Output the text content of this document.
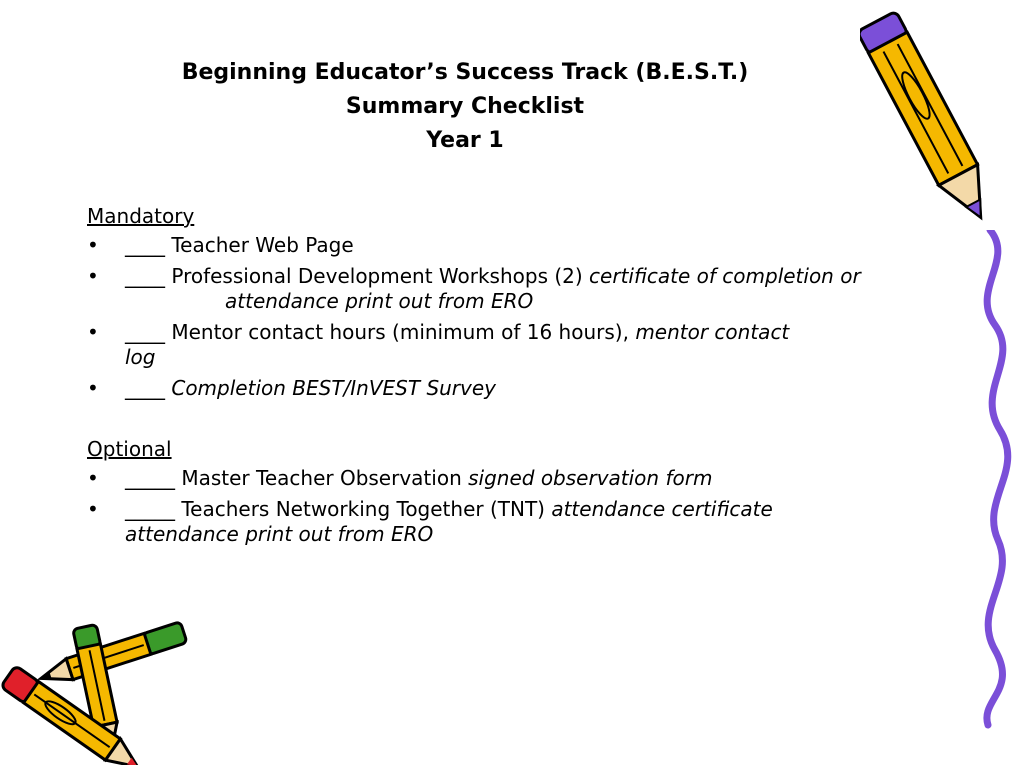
Beginning Educator’s Success Track (B.E.S.T.)
Summary Checklist
Year 1
Mandatory
• ____ Teacher Web Page
• ____ Professional Development Workshops (2) certificate of completion orattendance print out from ERO
• ____ Mentor contact hours (minimum of 16 hours), mentor contactlog
• ____ Completion BEST/InVEST Survey
Optional
• _____ Master Teacher Observation signed observation form
• _____ Teachers Networking Together (TNT) attendance certificate attendance print out from ERO
